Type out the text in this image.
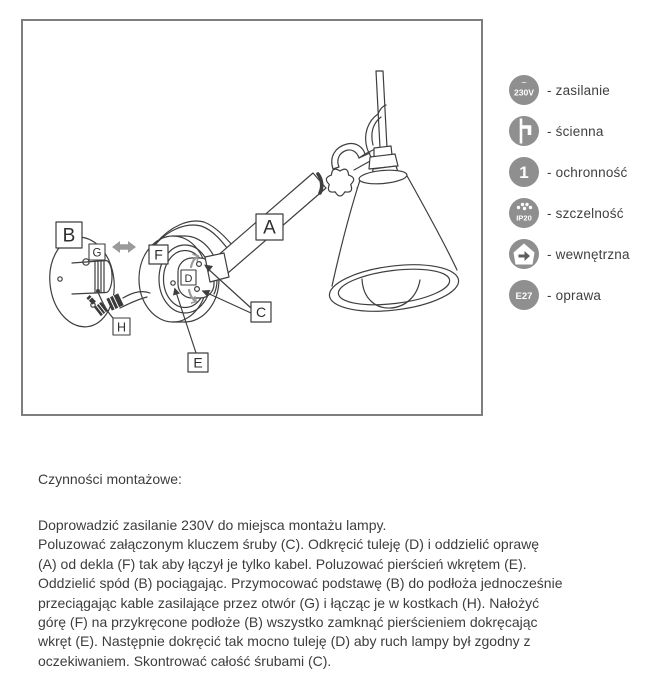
B
G	F
D
A
C
E
H
~
230V - zasilanie
- ścienna
1 - ochronność
IP20 - szczelność
- wewnętrzna
E27 - oprawa

Czynności montażowe:

Doprowadzić zasilanie 230V do miejsca montażu lampy.
Poluzować załączonym kluczem śruby (C). Odkręcić tuleję (D) i oddzielić oprawę
(A) od dekla (F) tak aby łączył je tylko kabel. Poluzować pierścień wkrętem (E).
Oddzielić spód (B) pociągając. Przymocować podstawę (B) do podłoża jednocześnie
przeciągając kable zasilające przez otwór (G) i łącząc je w kostkach (H). Nałożyć
górę (F) na przykręcone podłoże (B) wszystko zamknąć pierścieniem dokręcając
wkręt (E). Następnie dokręcić tak mocno tuleję (D) aby ruch lampy był zgodny z
oczekiwaniem. Skontrować całość śrubami (C).
